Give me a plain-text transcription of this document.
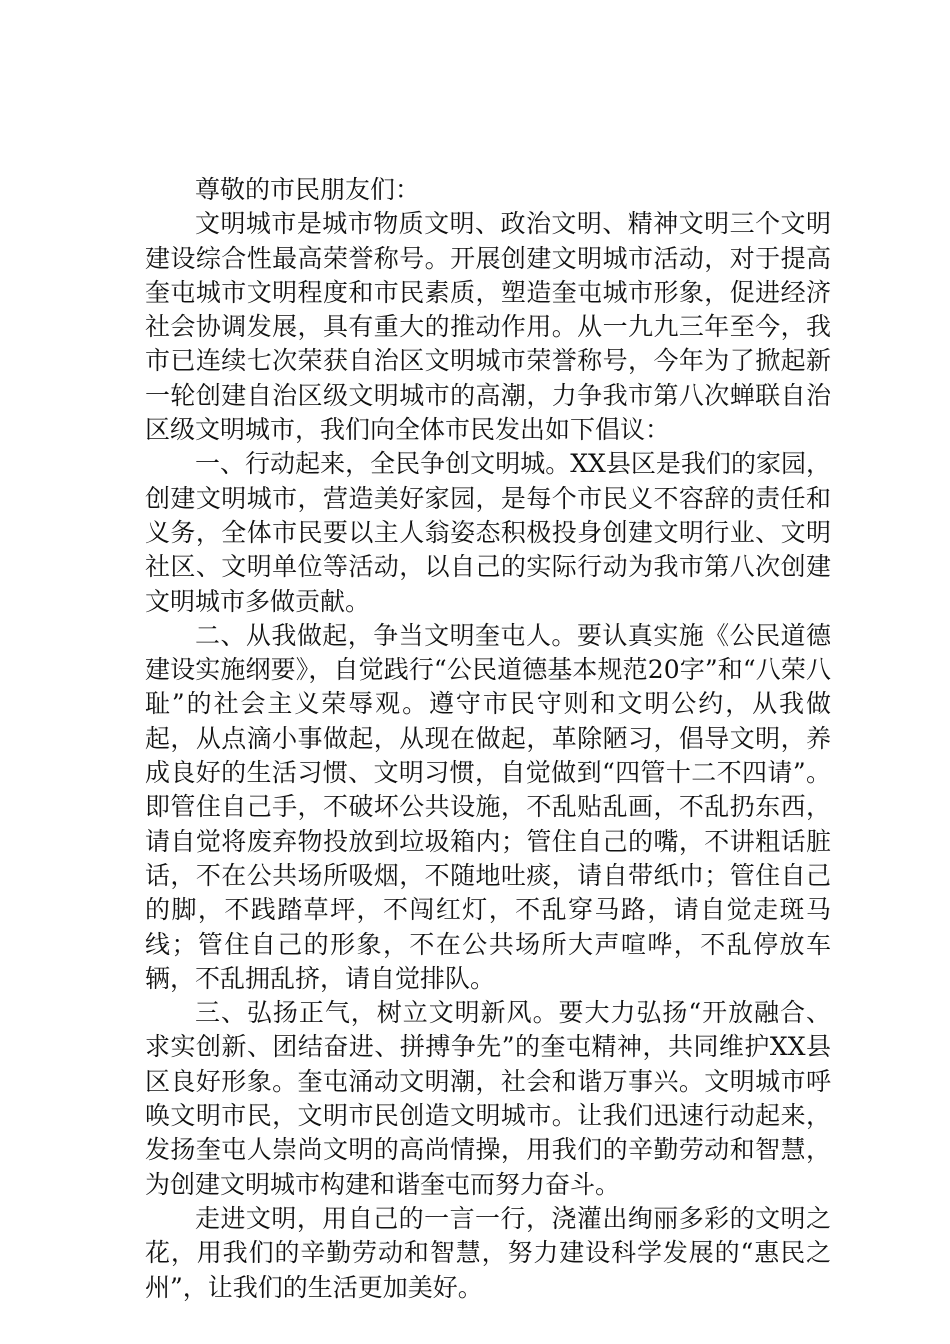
尊敬的市民朋友们：

文明城市是城市物质文明、政治文明、精神文明三个文明建设综合性最高荣誉称号。开展创建文明城市活动，对于提高奎屯城市文明程度和市民素质，塑造奎屯城市形象，促进经济社会协调发展，具有重大的推动作用。从一九九三年至今，我市已连续七次荣获自治区文明城市荣誉称号，今年为了掀起新一轮创建自治区级文明城市的高潮，力争我市第八次蝉联自治区级文明城市，我们向全体市民发出如下倡议：

一、行动起来，全民争创文明城。XX县区是我们的家园，创建文明城市，营造美好家园，是每个市民义不容辞的责任和义务，全体市民要以主人翁姿态积极投身创建文明行业、文明社区、文明单位等活动，以自己的实际行动为我市第八次创建文明城市多做贡献。

二、从我做起，争当文明奎屯人。要认真实施《公民道德建设实施纲要》，自觉践行“公民道德基本规范20字”和“八荣八耻”的社会主义荣辱观。遵守市民守则和文明公约，从我做起，从点滴小事做起，从现在做起，革除陋习，倡导文明，养成良好的生活习惯、文明习惯，自觉做到“四管十二不四请”。即管住自己手，不破坏公共设施，不乱贴乱画，不乱扔东西，请自觉将废弃物投放到垃圾箱内；管住自己的嘴，不讲粗话脏话，不在公共场所吸烟，不随地吐痰，请自带纸巾；管住自己的脚，不践踏草坪，不闯红灯，不乱穿马路，请自觉走斑马线；管住自己的形象，不在公共场所大声喧哗，不乱停放车辆，不乱拥乱挤，请自觉排队。

三、弘扬正气，树立文明新风。要大力弘扬“开放融合、求实创新、团结奋进、拼搏争先”的奎屯精神，共同维护XX县区良好形象。奎屯涌动文明潮，社会和谐万事兴。文明城市呼唤文明市民，文明市民创造文明城市。让我们迅速行动起来，发扬奎屯人崇尚文明的高尚情操，用我们的辛勤劳动和智慧，为创建文明城市构建和谐奎屯而努力奋斗。

走进文明，用自己的一言一行，浇灌出绚丽多彩的文明之花，用我们的辛勤劳动和智慧，努力建设科学发展的“惠民之州”，让我们的生活更加美好。
